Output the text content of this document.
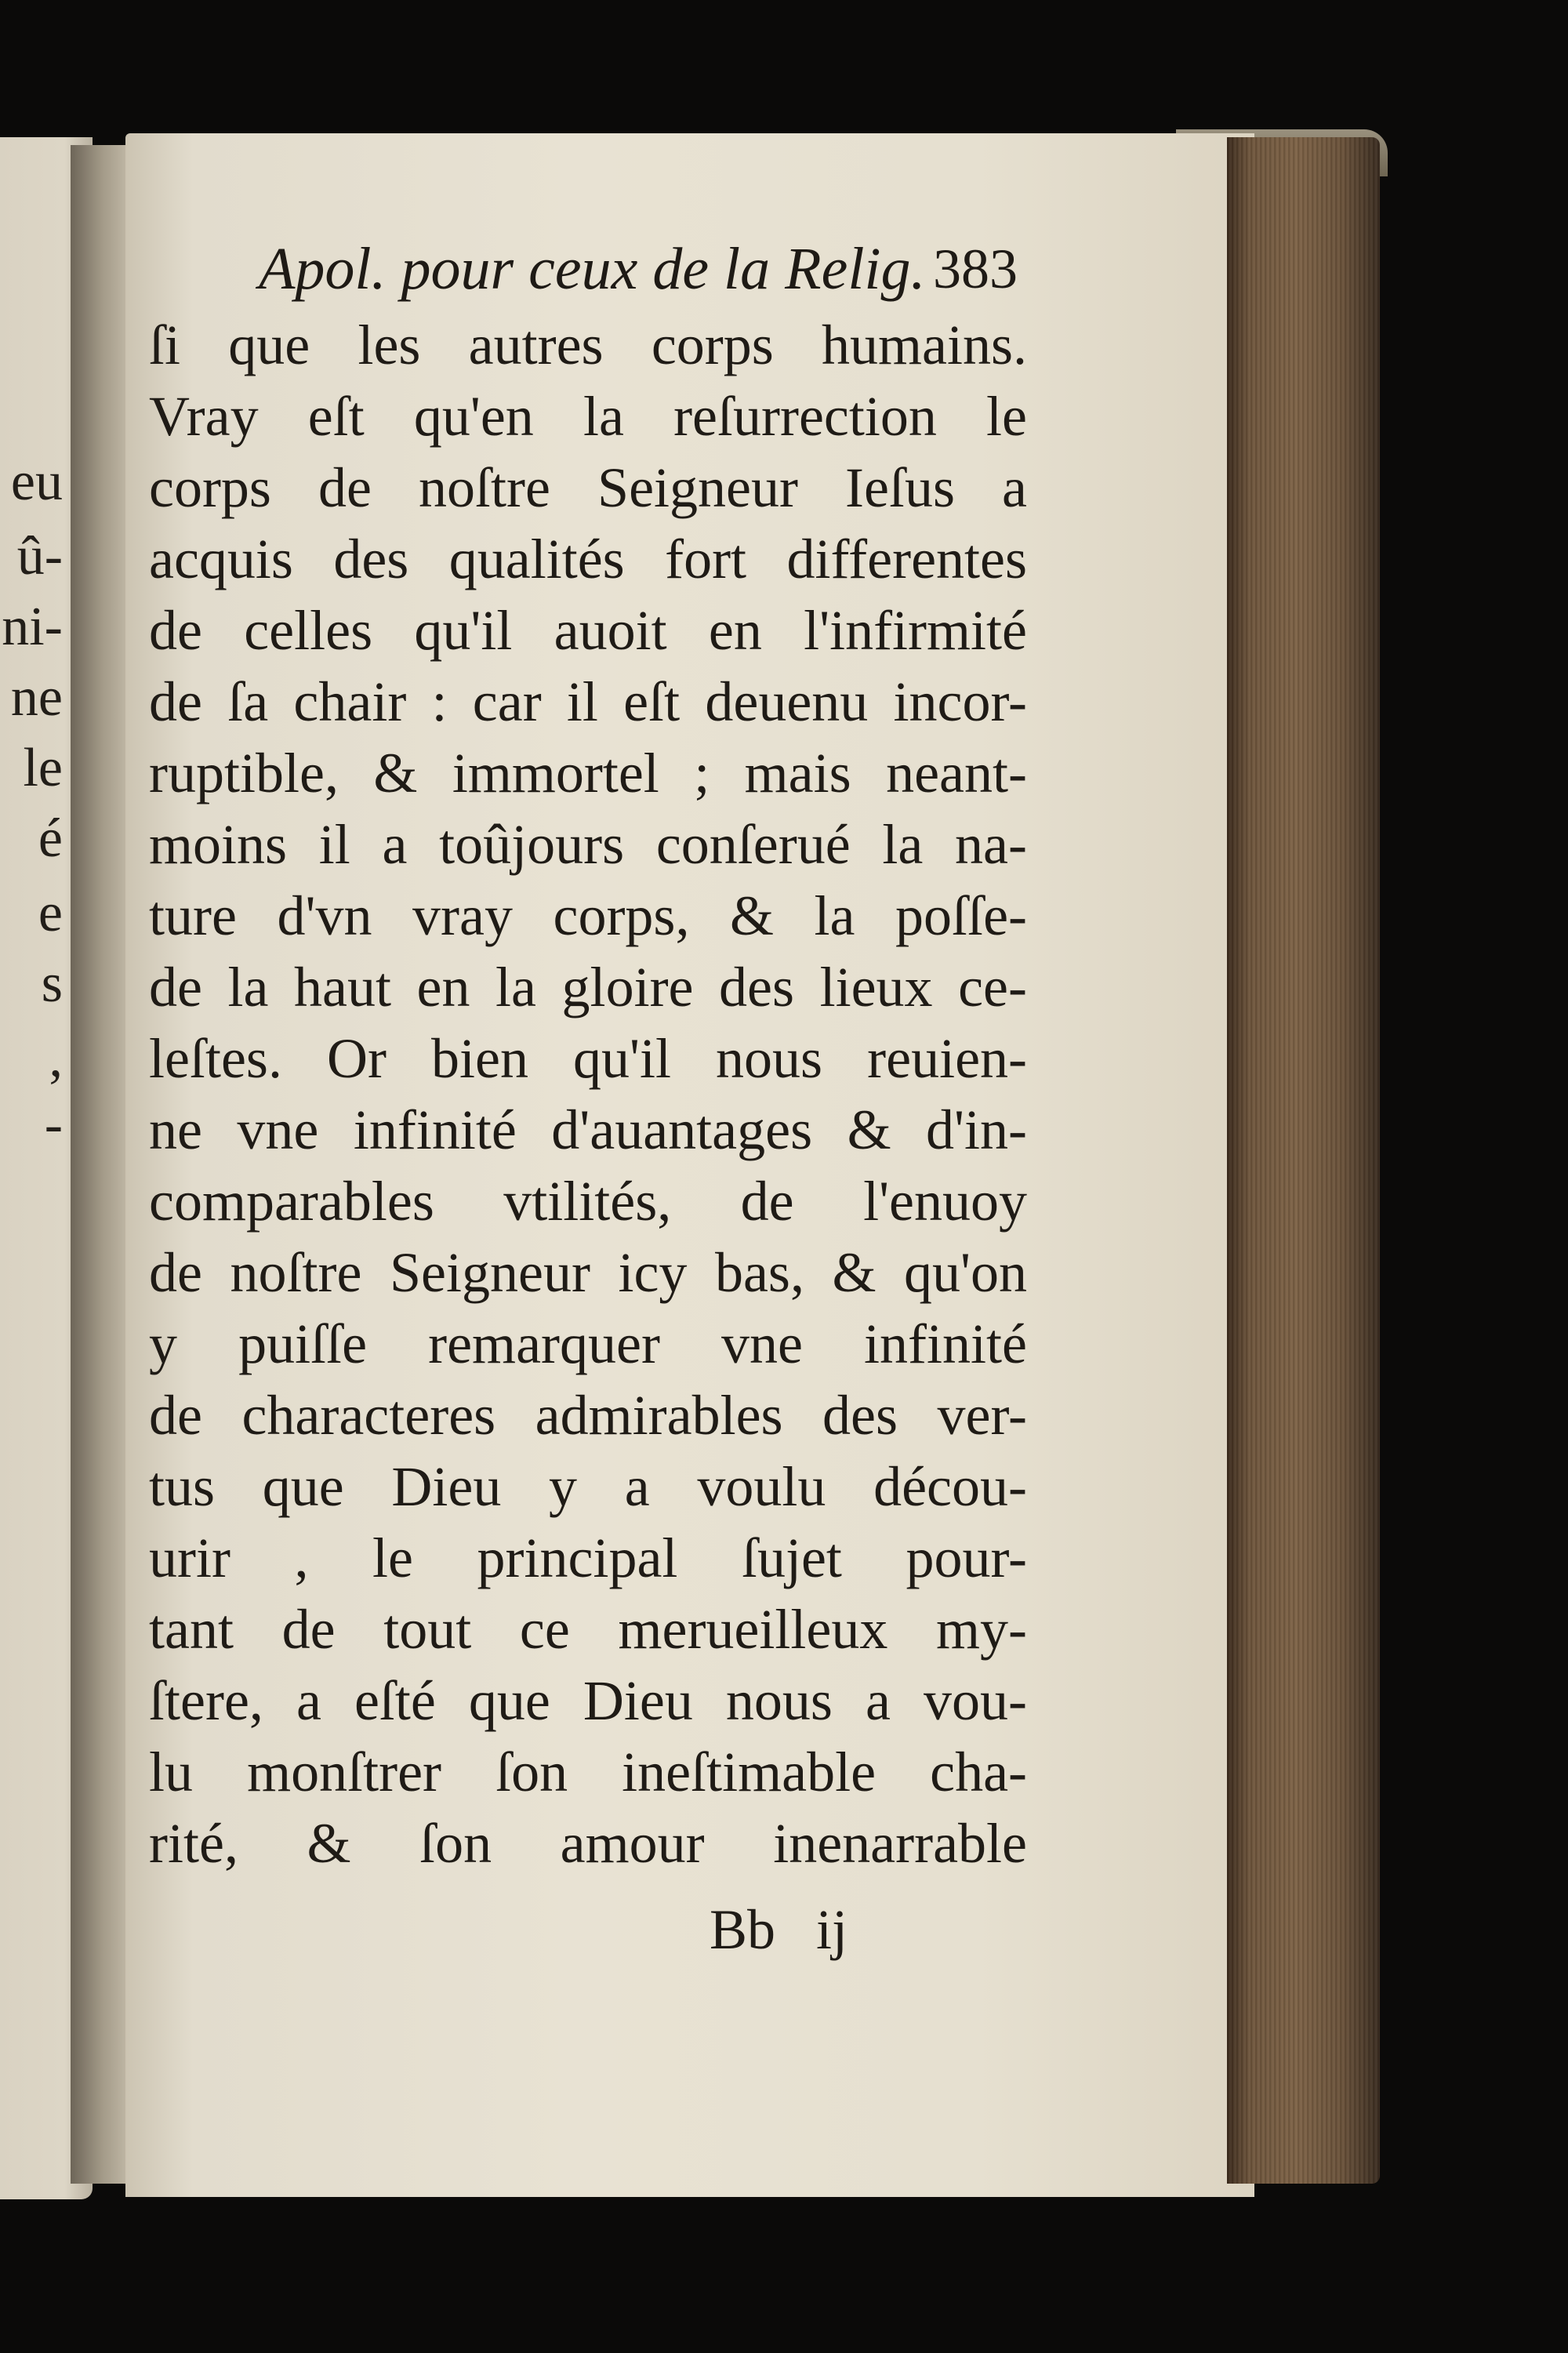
eu
û-
ni-
ne
le
é
e
s
,
-
Apol. pour ceux de la Relig. 383
ſi que les autres corps humains.
Vray eſt qu'en la reſurrection le
corps de noſtre Seigneur Ieſus a
acquis des qualités fort differentes
de celles qu'il auoit en l'infirmité
de ſa chair : car il eſt deuenu incor-
ruptible, & immortel ; mais neant-
moins il a toûjours conſerué la na-
ture d'vn vray corps, & la poſſe-
de la haut en la gloire des lieux ce-
leſtes. Or bien qu'il nous reuien-
ne vne infinité d'auantages & d'in-
comparables vtilités, de l'enuoy
de noſtre Seigneur icy bas, & qu'on
y puiſſe remarquer vne infinité
de characteres admirables des ver-
tus que Dieu y a voulu décou-
urir , le principal ſujet pour-
tant de tout ce merueilleux my-
ſtere, a eſté que Dieu nous a vou-
lu monſtrer ſon ineſtimable cha-
rité, & ſon amour inenarrable
Bb ij
